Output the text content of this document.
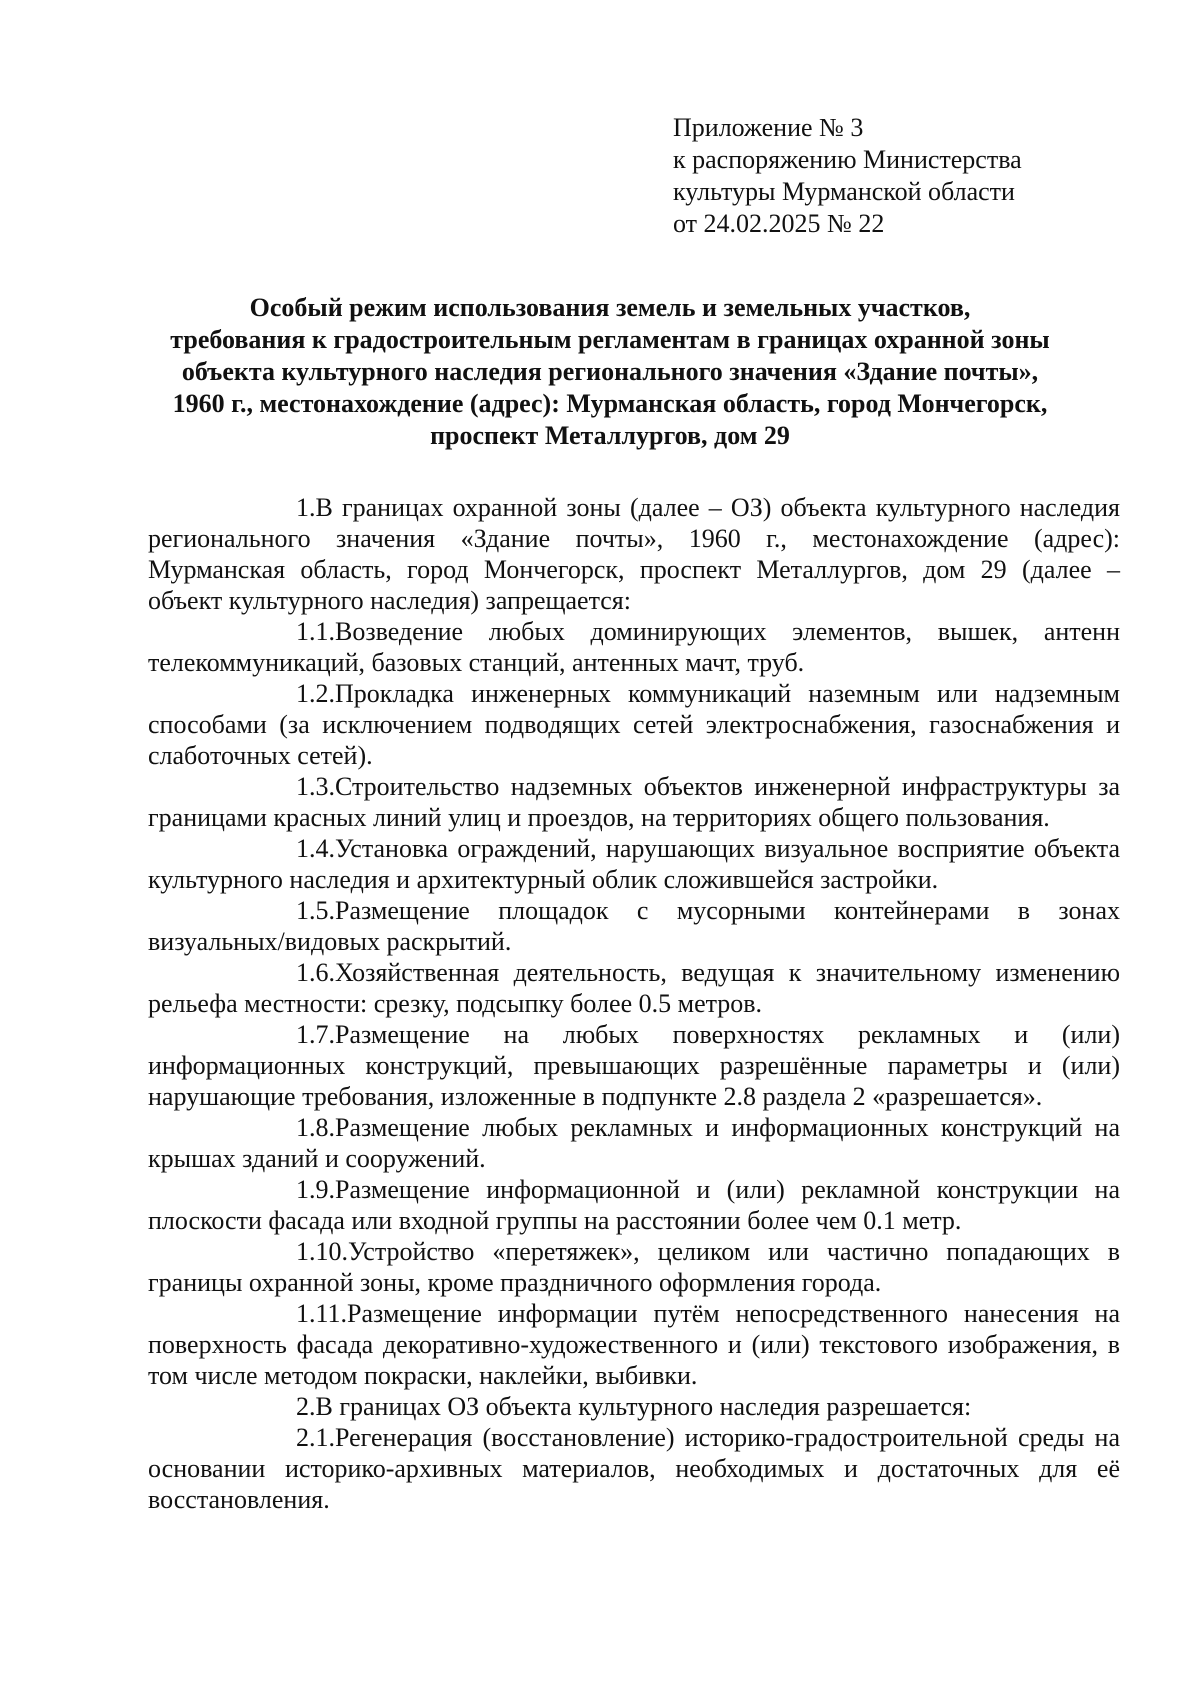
Приложение № 3
к распоряжению Министерства
культуры Мурманской области
от 24.02.2025 № 22
Особый режим использования земель и земельных участков,
требования к градостроительным регламентам в границах охранной зоны
объекта культурного наследия регионального значения «Здание почты»,
1960 г., местонахождение (адрес): Мурманская область, город Мончегорск,
проспект Металлургов, дом 29

1.В границах охранной зоны (далее – ОЗ) объекта культурного наследия регионального значения «Здание почты», 1960 г., местонахождение (адрес): Мурманская область, город Мончегорск, проспект Металлургов, дом 29 (далее – объект культурного наследия) запрещается:

1.1.Возведение любых доминирующих элементов, вышек, антенн телекоммуникаций, базовых станций, антенных мачт, труб.

1.2.Прокладка инженерных коммуникаций наземным или надземным способами (за исключением подводящих сетей электроснабжения, газоснабжения и слаботочных сетей).

1.3.Строительство надземных объектов инженерной инфраструктуры за границами красных линий улиц и проездов, на территориях общего пользования.

1.4.Установка ограждений, нарушающих визуальное восприятие объекта культурного наследия и архитектурный облик сложившейся застройки.

1.5.Размещение площадок с мусорными контейнерами в зонах визуальных/видовых раскрытий.

1.6.Хозяйственная деятельность, ведущая к значительному изменению рельефа местности: срезку, подсыпку более 0.5 метров.

1.7.Размещение на любых поверхностях рекламных и (или) информационных конструкций, превышающих разрешённые параметры и (или) нарушающие требования, изложенные в подпункте 2.8 раздела 2 «разрешается».

1.8.Размещение любых рекламных и информационных конструкций на крышах зданий и сооружений.

1.9.Размещение информационной и (или) рекламной конструкции на плоскости фасада или входной группы на расстоянии более чем 0.1 метр.

1.10.Устройство «перетяжек», целиком или частично попадающих в границы охранной зоны, кроме праздничного оформления города.

1.11.Размещение информации путём непосредственного нанесения на поверхность фасада декоративно-художественного и (или) текстового изображения, в том числе методом покраски, наклейки, выбивки.

2.В границах ОЗ объекта культурного наследия разрешается:

2.1.Регенерация (восстановление) историко-градостроительной среды на основании историко-архивных материалов, необходимых и достаточных для её восстановления.
